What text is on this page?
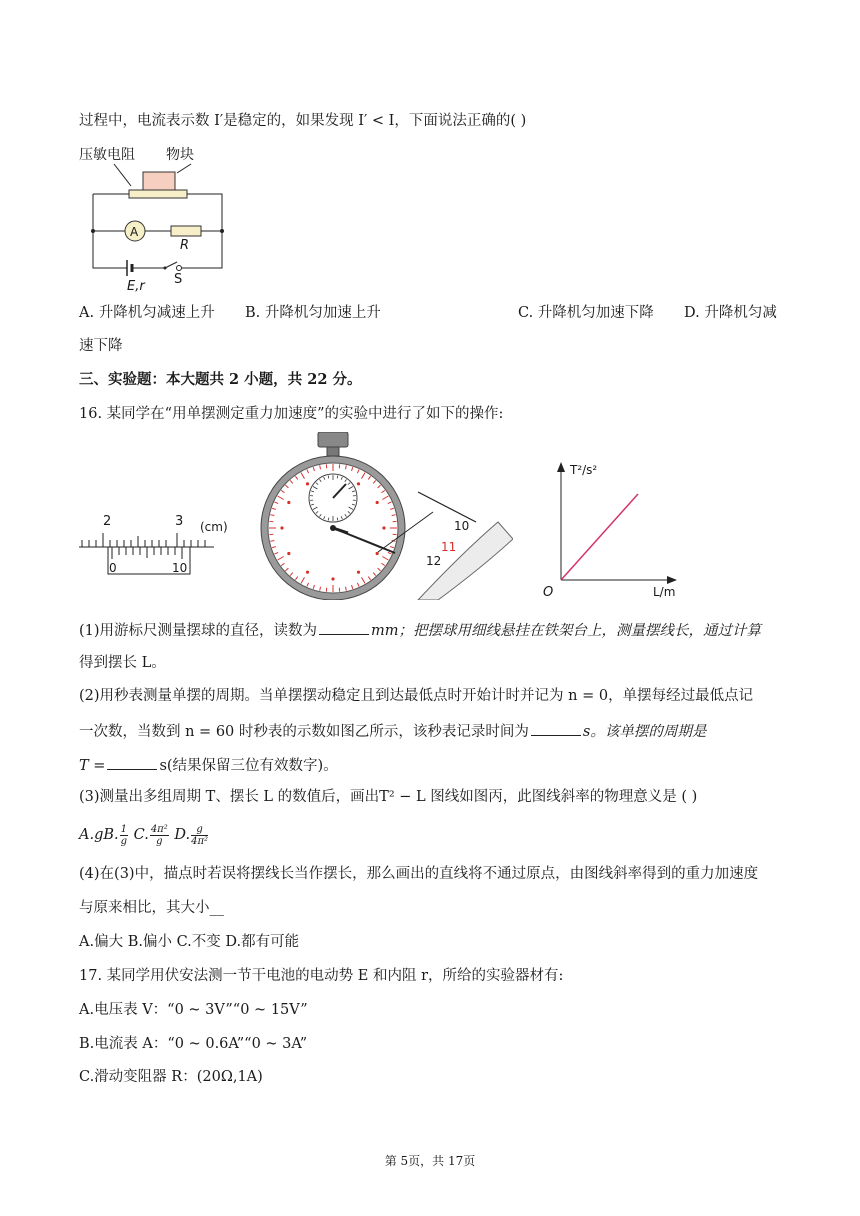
过程中，电流表示数 I′是稳定的，如果发现 I′ < I，下面说法正确的( )
压敏电阻 物块
A
R
E,r S
A. 升降机匀减速上升 B. 升降机匀加速上升	C. 升降机匀加速下降 D. 升降机匀减
速下降
三、实验题：本大题共 2 小题，共 22 分。
16. 某同学在“用单摆测定重力加速度”的实验中进行了如下的操作:
2	3 (cm)
0	10
10
11
12
T²/s²
L/m
O
(1)用游标尺测量摆球的直径，读数为	mm；把摆球用细线悬挂在铁架台上，测量摆线长，通过计算
得到摆长 L。
(2)用秒表测量单摆的周期。当单摆摆动稳定且到达最低点时开始计时并记为 n = 0，单摆每经过最低点记
一次数，当数到 n = 60 时秒表的示数如图乙所示，该秒表记录时间为	s。该单摆的周期是
T =	s(结果保留三位有效数字)。
(3)测量出多组周期 T、摆长 L 的数值后，画出T² − L 图线如图丙，此图线斜率的物理意义是 ( )
A.gB. $\frac{1}{g} C$. $\frac{\text{4π²}}{g} D$. $\frac{g}{\text{4π²}}$
(4)在(3)中，描点时若误将摆线长当作摆长，那么画出的直线将不通过原点，由图线斜率得到的重力加速度
与原来相比，其大小__
A.偏大 B.偏小 C.不变 D.都有可能
17. 某同学用伏安法测一节干电池的电动势 E 和内阻 r，所给的实验器材有:
A.电压表 V：“0 ~ 3V”“0 ~ 15V”
B.电流表 A：“0 ~ 0.6A”“0 ~ 3A”
C.滑动变阻器 R：(20Ω,1A)
第 5页，共 17页
